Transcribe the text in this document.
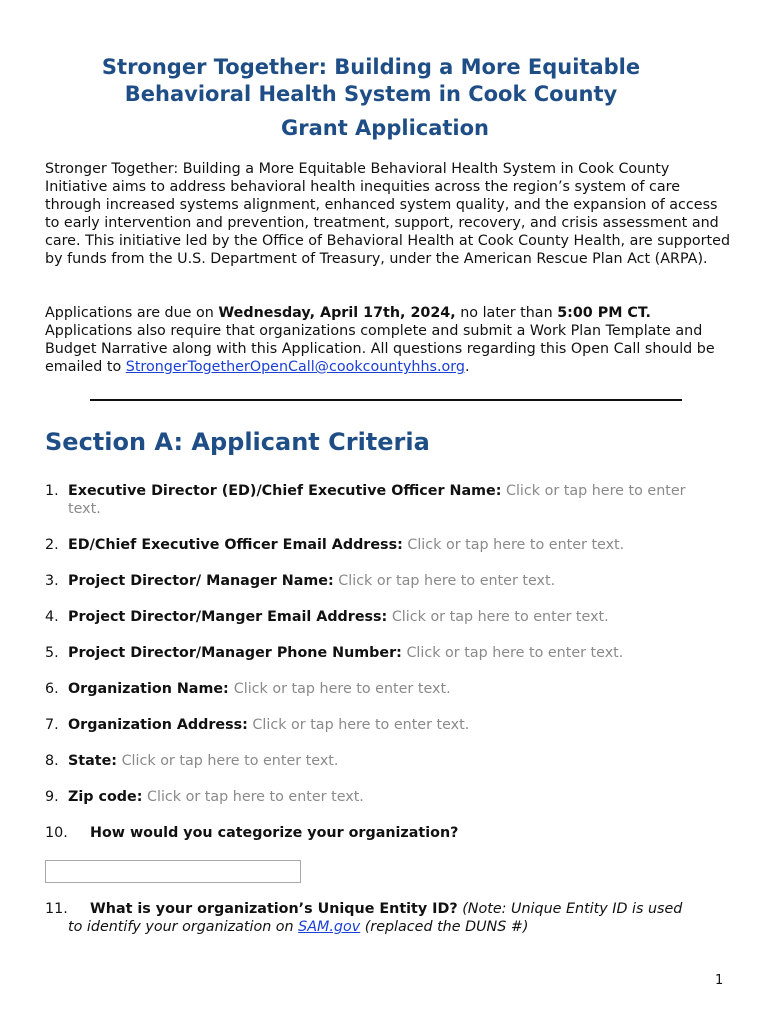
Stronger Together: Building a More Equitable
Behavioral Health System in Cook County
Grant Application

Stronger Together: Building a More Equitable Behavioral Health System in Cook County Initiative aims to address behavioral health inequities across the region’s system of care through increased systems alignment, enhanced system quality, and the expansion of access to early intervention and prevention, treatment, support, recovery, and crisis assessment and care. This initiative led by the Office of Behavioral Health at Cook County Health, are supported by funds from the U.S. Department of Treasury, under the American Rescue Plan Act (ARPA).

Applications are due on Wednesday, April 17th, 2024, no later than 5:00 PM CT. Applications also require that organizations complete and submit a Work Plan Template and Budget Narrative along with this Application. All questions regarding this Open Call should be emailed to StrongerTogetherOpenCall@cookcountyhhs.org.

Section A: Applicant Criteria
1. Executive Director (ED)/Chief Executive Officer Name: Click or tap here to enter
text.
2. ED/Chief Executive Officer Email Address: Click or tap here to enter text.
3. Project Director/ Manager Name: Click or tap here to enter text.
4. Project Director/Manger Email Address: Click or tap here to enter text.
5. Project Director/Manager Phone Number: Click or tap here to enter text.
6. Organization Name: Click or tap here to enter text.
7. Organization Address: Click or tap here to enter text.
8. State: Click or tap here to enter text.
9. Zip code: Click or tap here to enter text.
10. How would you categorize your organization?
11. What is your organization’s Unique Entity ID? (Note: Unique Entity ID is used
to identify your organization on SAM.gov (replaced the DUNS #)
1
